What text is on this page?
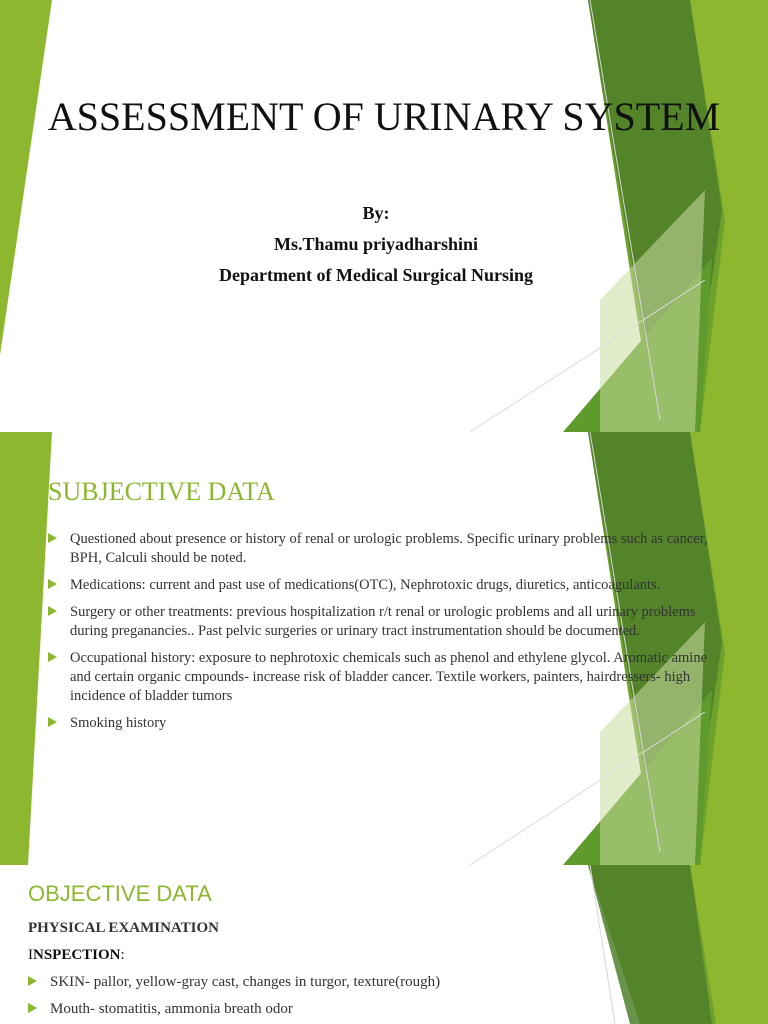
ASSESSMENT OF URINARY SYSTEM
By:
Ms.Thamu priyadharshini
Department of Medical Surgical Nursing
SUBJECTIVE DATA
Questioned about presence or history of renal or urologic problems. Specific urinary problems such as cancer, BPH, Calculi should be noted.
Medications: current and past use of medications(OTC), Nephrotoxic drugs, diuretics, anticoagulants.
Surgery or other treatments: previous hospitalization r/t renal or urologic problems and all urinary problems during preganancies.. Past pelvic surgeries or urinary tract instrumentation should be documented.
Occupational history: exposure to nephrotoxic chemicals such as phenol and ethylene glycol. Aromatic amine and certain organic cmpounds- increase risk of bladder cancer. Textile workers, painters, hairdressers- high incidence of bladder tumors
Smoking history
OBJECTIVE DATA
PHYSICAL EXAMINATION
INSPECTION:
SKIN- pallor, yellow-gray cast, changes in turgor, texture(rough)
Mouth- stomatitis, ammonia breath odor
